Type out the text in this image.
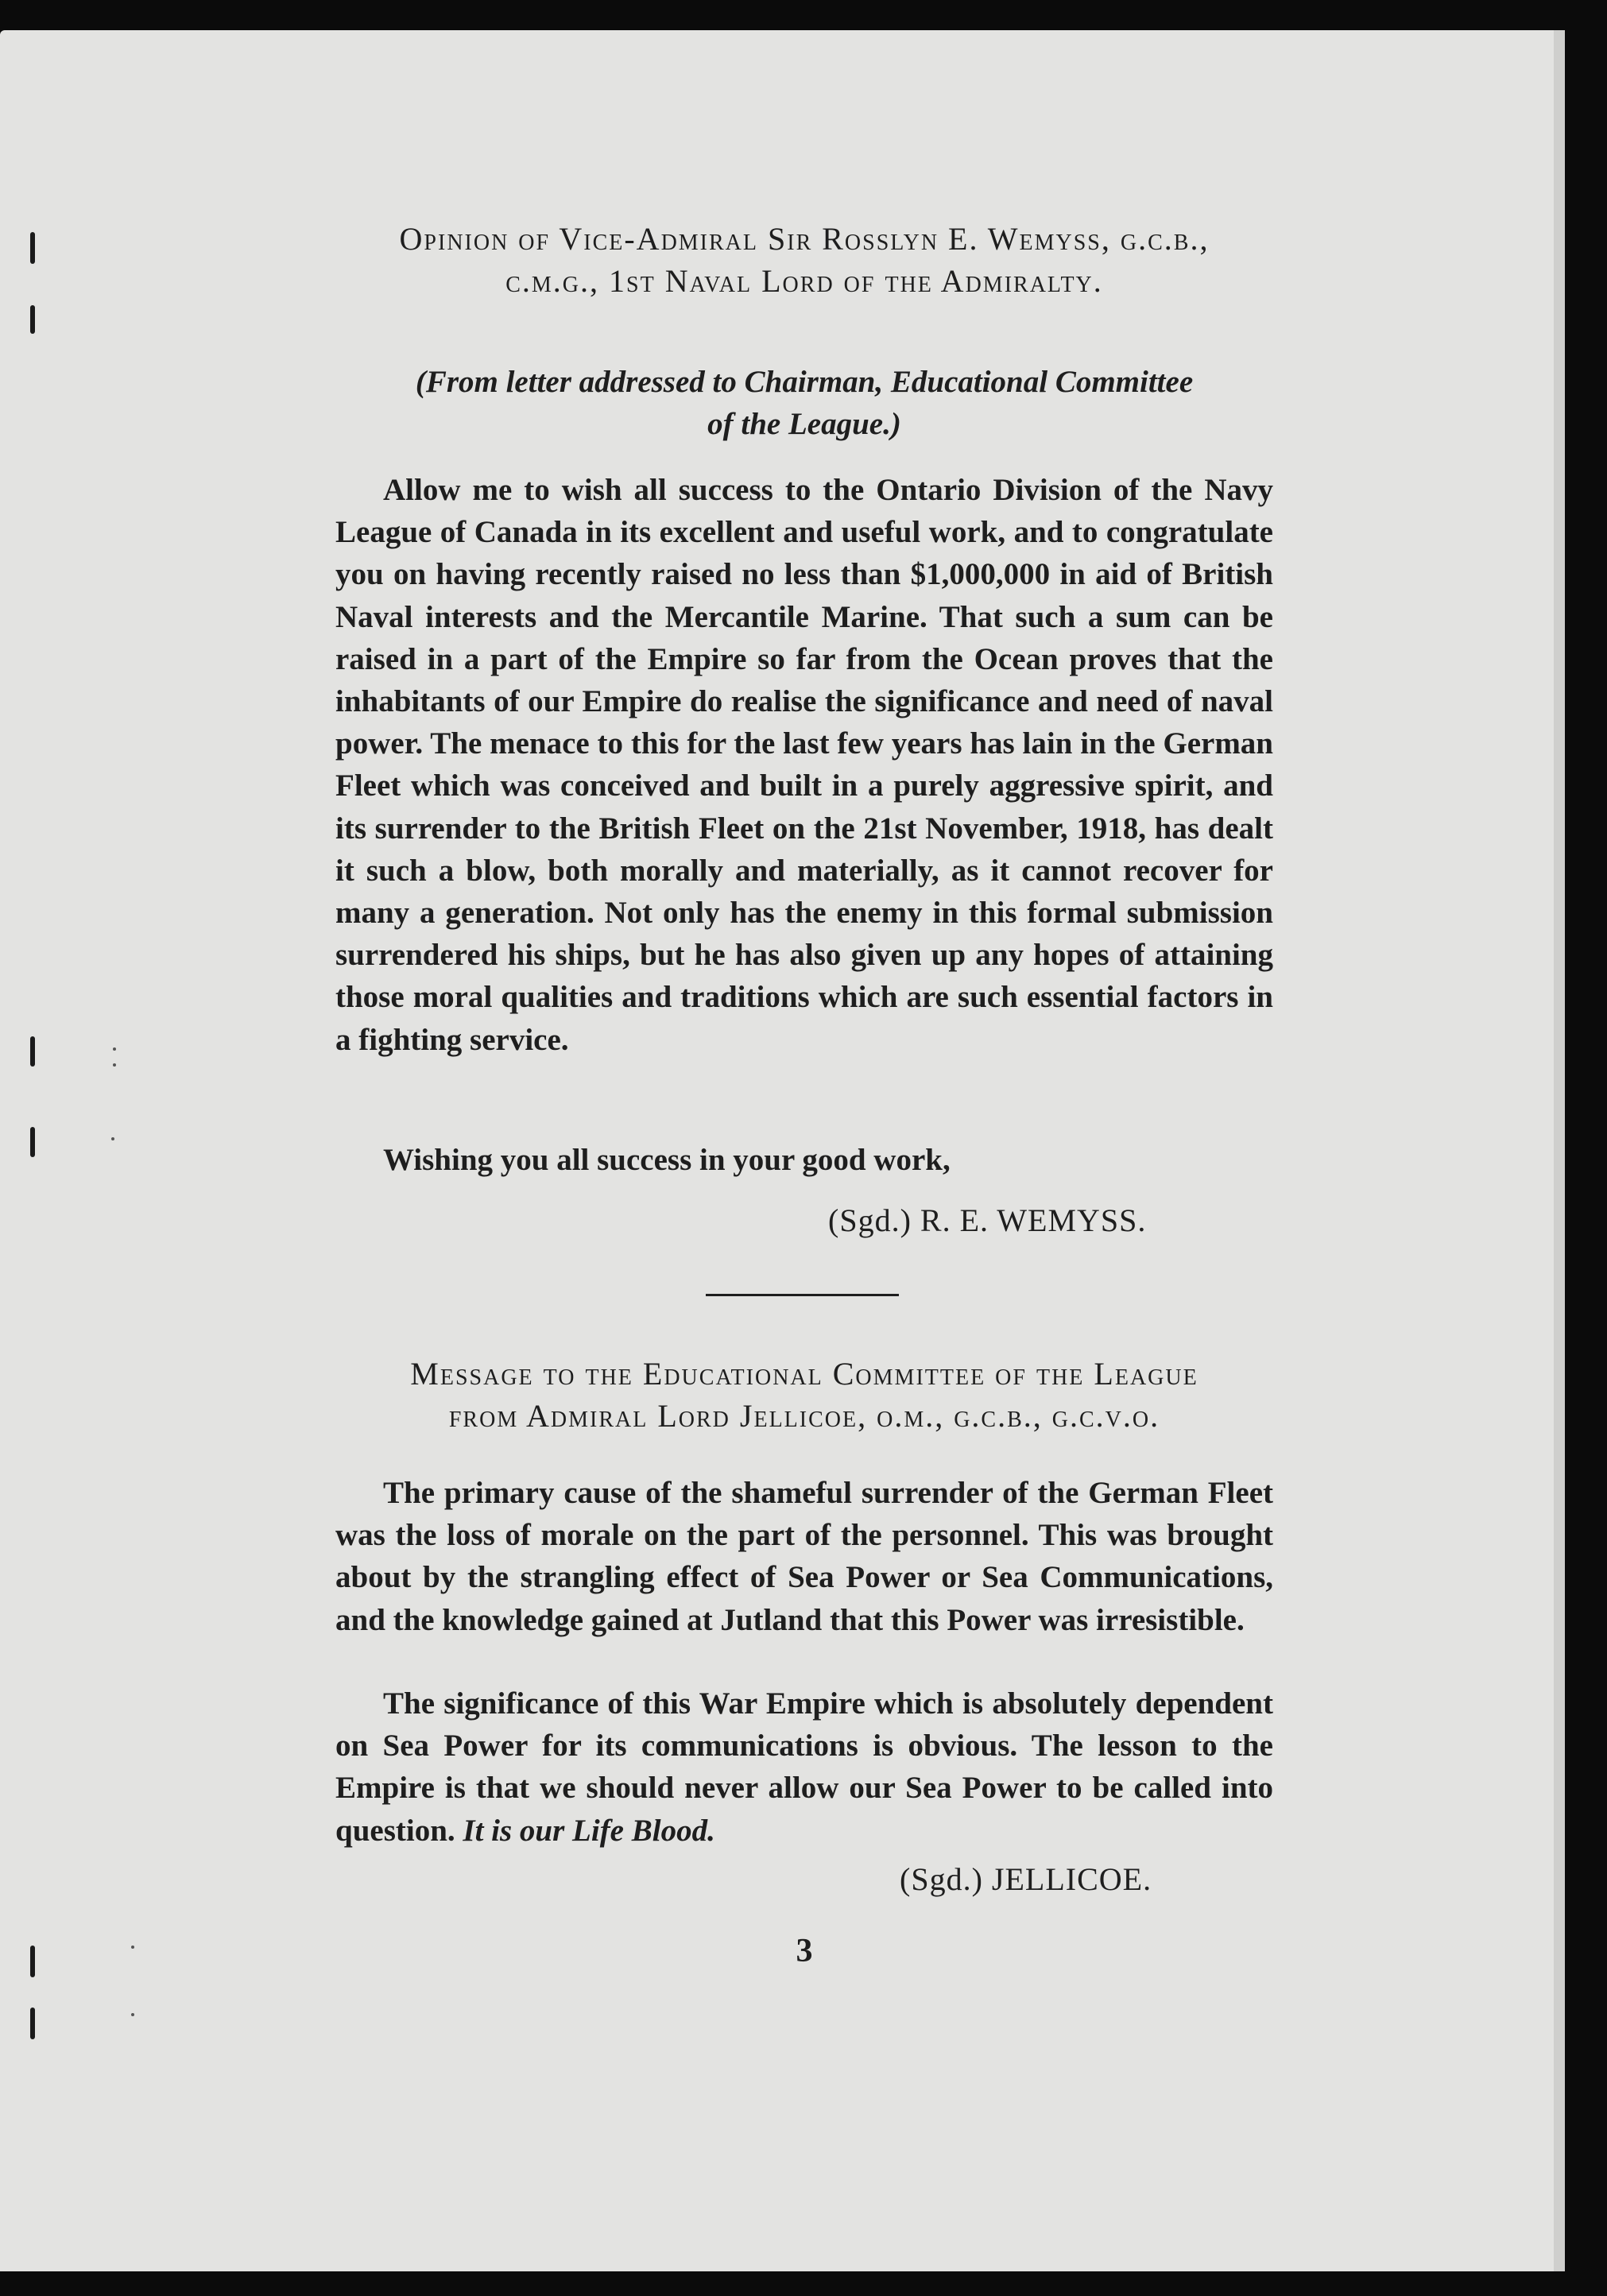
Opinion of Vice-Admiral Sir Rosslyn E. Wemyss, g.c.b.,
c.m.g., 1st Naval Lord of the Admiralty.
(From letter addressed to Chairman, Educational Committee
of the League.)

Allow me to wish all success to the Ontario Division of the Navy League of Canada in its excellent and useful work, and to congratulate you on having recently raised no less than $1,000,000 in aid of British Naval interests and the Mercantile Marine. That such a sum can be raised in a part of the Empire so far from the Ocean proves that the inhabitants of our Empire do realise the significance and need of naval power. The menace to this for the last few years has lain in the German Fleet which was conceived and built in a purely aggressive spirit, and its surrender to the British Fleet on the 21st November, 1918, has dealt it such a blow, both morally and materially, as it cannot recover for many a generation. Not only has the enemy in this formal submission surrendered his ships, but he has also given up any hopes of attaining those moral qualities and traditions which are such essential factors in a fighting service.

Wishing you all success in your good work,

(Sgd.) R. E. WEMYSS.
Message to the Educational Committee of the League
from Admiral Lord Jellicoe, o.m., g.c.b., g.c.v.o.

The primary cause of the shameful surrender of the German Fleet was the loss of morale on the part of the personnel. This was brought about by the strangling effect of Sea Power or Sea Communications, and the knowledge gained at Jutland that this Power was irresistible.

The significance of this War Empire which is absolutely dependent on Sea Power for its communications is obvious. The lesson to the Empire is that we should never allow our Sea Power to be called into question. It is our Life Blood.

(Sgd.) JELLICOE.
3
